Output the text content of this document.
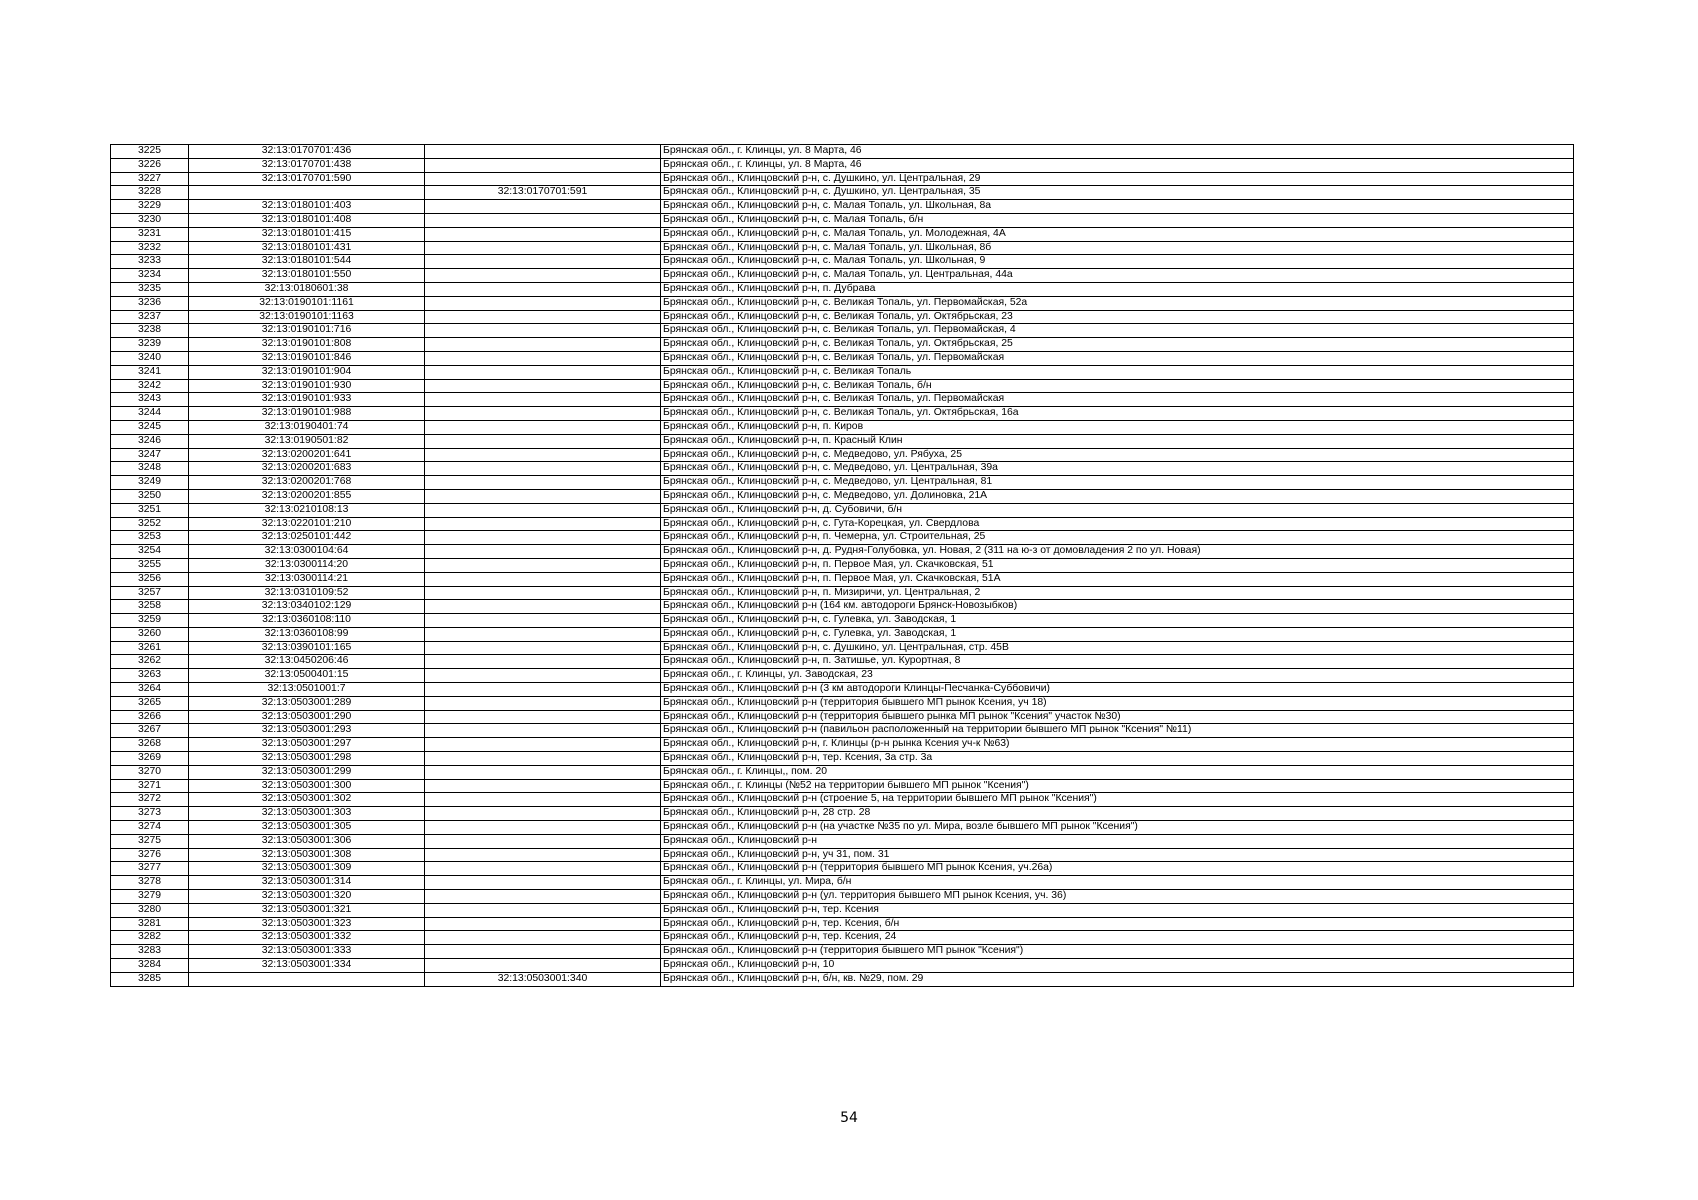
3225	32:13:0170701:436		Брянская обл., г. Клинцы, ул. 8 Марта, 46
3226	32:13:0170701:438		Брянская обл., г. Клинцы, ул. 8 Марта, 46
3227	32:13:0170701:590		Брянская обл., Клинцовский р-н, с. Душкино, ул. Центральная, 29
3228		32:13:0170701:591	Брянская обл., Клинцовский р-н, с. Душкино, ул. Центральная, 35
3229	32:13:0180101:403		Брянская обл., Клинцовский р-н, с. Малая Топаль, ул. Школьная, 8а
3230	32:13:0180101:408		Брянская обл., Клинцовский р-н, с. Малая Топаль, б/н
3231	32:13:0180101:415		Брянская обл., Клинцовский р-н, с. Малая Топаль, ул. Молодежная, 4А
3232	32:13:0180101:431		Брянская обл., Клинцовский р-н, с. Малая Топаль, ул. Школьная, 8б
3233	32:13:0180101:544		Брянская обл., Клинцовский р-н, с. Малая Топаль, ул. Школьная, 9
3234	32:13:0180101:550		Брянская обл., Клинцовский р-н, с. Малая Топаль, ул. Центральная, 44а
3235	32:13:0180601:38		Брянская обл., Клинцовский р-н, п. Дубрава
3236	32:13:0190101:1161		Брянская обл., Клинцовский р-н, с. Великая Топаль, ул. Первомайская, 52а
3237	32:13:0190101:1163		Брянская обл., Клинцовский р-н, с. Великая Топаль, ул. Октябрьская, 23
3238	32:13:0190101:716		Брянская обл., Клинцовский р-н, с. Великая Топаль, ул. Первомайская, 4
3239	32:13:0190101:808		Брянская обл., Клинцовский р-н, с. Великая Топаль, ул. Октябрьская, 25
3240	32:13:0190101:846		Брянская обл., Клинцовский р-н, с. Великая Топаль, ул. Первомайская
3241	32:13:0190101:904		Брянская обл., Клинцовский р-н, с. Великая Топаль
3242	32:13:0190101:930		Брянская обл., Клинцовский р-н, с. Великая Топаль, б/н
3243	32:13:0190101:933		Брянская обл., Клинцовский р-н, с. Великая Топаль, ул. Первомайская
3244	32:13:0190101:988		Брянская обл., Клинцовский р-н, с. Великая Топаль, ул. Октябрьская, 16а
3245	32:13:0190401:74		Брянская обл., Клинцовский р-н, п. Киров
3246	32:13:0190501:82		Брянская обл., Клинцовский р-н, п. Красный Клин
3247	32:13:0200201:641		Брянская обл., Клинцовский р-н, с. Медведово, ул. Рябуха, 25
3248	32:13:0200201:683		Брянская обл., Клинцовский р-н, с. Медведово, ул. Центральная, 39а
3249	32:13:0200201:768		Брянская обл., Клинцовский р-н, с. Медведово, ул. Центральная, 81
3250	32:13:0200201:855		Брянская обл., Клинцовский р-н, с. Медведово, ул. Долиновка, 21А
3251	32:13:0210108:13		Брянская обл., Клинцовский р-н, д. Субовичи, б/н
3252	32:13:0220101:210		Брянская обл., Клинцовский р-н, с. Гута-Корецкая, ул. Свердлова
3253	32:13:0250101:442		Брянская обл., Клинцовский р-н, п. Чемерна, ул. Строительная, 25
3254	32:13:0300104:64		Брянская обл., Клинцовский р-н, д. Рудня-Голубовка, ул. Новая, 2 (311 на ю-з от домовладения 2 по ул. Новая)
3255	32:13:0300114:20		Брянская обл., Клинцовский р-н, п. Первое Мая, ул. Скачковская, 51
3256	32:13:0300114:21		Брянская обл., Клинцовский р-н, п. Первое Мая, ул. Скачковская, 51А
3257	32:13:0310109:52		Брянская обл., Клинцовский р-н, п. Мизиричи, ул. Центральная, 2
3258	32:13:0340102:129		Брянская обл., Клинцовский р-н (164 км. автодороги Брянск-Новозыбков)
3259	32:13:0360108:110		Брянская обл., Клинцовский р-н, с. Гулевка, ул. Заводская, 1
3260	32:13:0360108:99		Брянская обл., Клинцовский р-н, с. Гулевка, ул. Заводская, 1
3261	32:13:0390101:165		Брянская обл., Клинцовский р-н, с. Душкино, ул. Центральная, стр. 45В
3262	32:13:0450206:46		Брянская обл., Клинцовский р-н, п. Затишье, ул. Курортная, 8
3263	32:13:0500401:15		Брянская обл., г. Клинцы, ул. Заводская, 23
3264	32:13:0501001:7		Брянская обл., Клинцовский р-н (3 км автодороги Клинцы-Песчанка-Суббовичи)
3265	32:13:0503001:289		Брянская обл., Клинцовский р-н (территория бывшего МП рынок Ксения, уч 18)
3266	32:13:0503001:290		Брянская обл., Клинцовский р-н (территория бывшего рынка МП рынок "Ксения" участок №30)
3267	32:13:0503001:293		Брянская обл., Клинцовский р-н (павильон расположенный на территории бывшего МП рынок "Ксения" №11)
3268	32:13:0503001:297		Брянская обл., Клинцовский р-н, г. Клинцы (р-н рынка Ксения уч-к №63)
3269	32:13:0503001:298		Брянская обл., Клинцовский р-н, тер. Ксения, 3а стр. 3а
3270	32:13:0503001:299		Брянская обл., г. Клинцы,, пом. 20
3271	32:13:0503001:300		Брянская обл., г. Клинцы (№52 на территории бывшего МП рынок "Ксения")
3272	32:13:0503001:302		Брянская обл., Клинцовский р-н (строение 5, на территории бывшего МП рынок "Ксения")
3273	32:13:0503001:303		Брянская обл., Клинцовский р-н, 28 стр. 28
3274	32:13:0503001:305		Брянская обл., Клинцовский р-н (на участке №35 по ул. Мира, возле бывшего МП рынок "Ксения")
3275	32:13:0503001:306		Брянская обл., Клинцовский р-н
3276	32:13:0503001:308		Брянская обл., Клинцовский р-н, уч 31, пом. 31
3277	32:13:0503001:309		Брянская обл., Клинцовский р-н (территория бывшего МП рынок Ксения, уч.26а)
3278	32:13:0503001:314		Брянская обл., г. Клинцы, ул. Мира, б/н
3279	32:13:0503001:320		Брянская обл., Клинцовский р-н (ул. территория бывшего МП рынок Ксения, уч. 36)
3280	32:13:0503001:321		Брянская обл., Клинцовский р-н, тер. Ксения
3281	32:13:0503001:323		Брянская обл., Клинцовский р-н, тер. Ксения, б/н
3282	32:13:0503001:332		Брянская обл., Клинцовский р-н, тер. Ксения, 24
3283	32:13:0503001:333		Брянская обл., Клинцовский р-н (территория бывшего МП рынок "Ксения")
3284	32:13:0503001:334		Брянская обл., Клинцовский р-н, 10
3285		32:13:0503001:340	Брянская обл., Клинцовский р-н, б/н, кв. №29, пом. 29
54
